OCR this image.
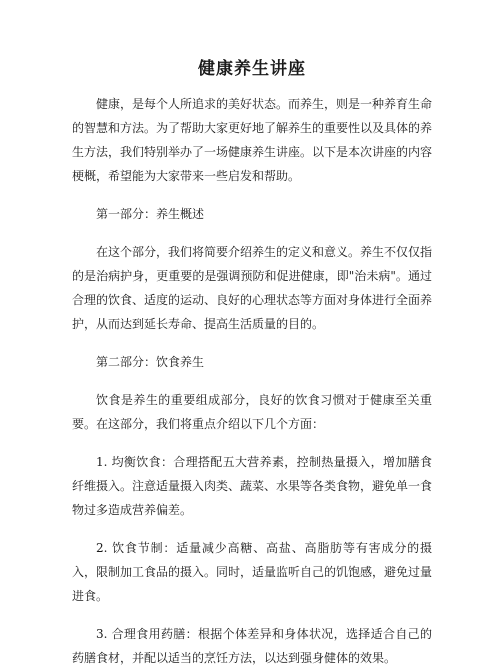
健康养生讲座

健康，是每个人所追求的美好状态。而养生，则是一种养育生命的智慧和方法。为了帮助大家更好地了解养生的重要性以及具体的养生方法，我们特别举办了一场健康养生讲座。以下是本次讲座的内容梗概，希望能为大家带来一些启发和帮助。

第一部分：养生概述

在这个部分，我们将简要介绍养生的定义和意义。养生不仅仅指的是治病护身，更重要的是强调预防和促进健康，即"治未病"。通过合理的饮食、适度的运动、良好的心理状态等方面对身体进行全面养护，从而达到延长寿命、提高生活质量的目的。

第二部分：饮食养生

饮食是养生的重要组成部分，良好的饮食习惯对于健康至关重要。在这部分，我们将重点介绍以下几个方面：

1. 均衡饮食：合理搭配五大营养素，控制热量摄入，增加膳食纤维摄入。注意适量摄入肉类、蔬菜、水果等各类食物，避免单一食物过多造成营养偏差。

2. 饮食节制：适量减少高糖、高盐、高脂肪等有害成分的摄入，限制加工食品的摄入。同时，适量监听自己的饥饱感，避免过量进食。

3. 合理食用药膳：根据个体差异和身体状况，选择适合自己的药膳食材，并配以适当的烹饪方法，以达到强身健体的效果。
